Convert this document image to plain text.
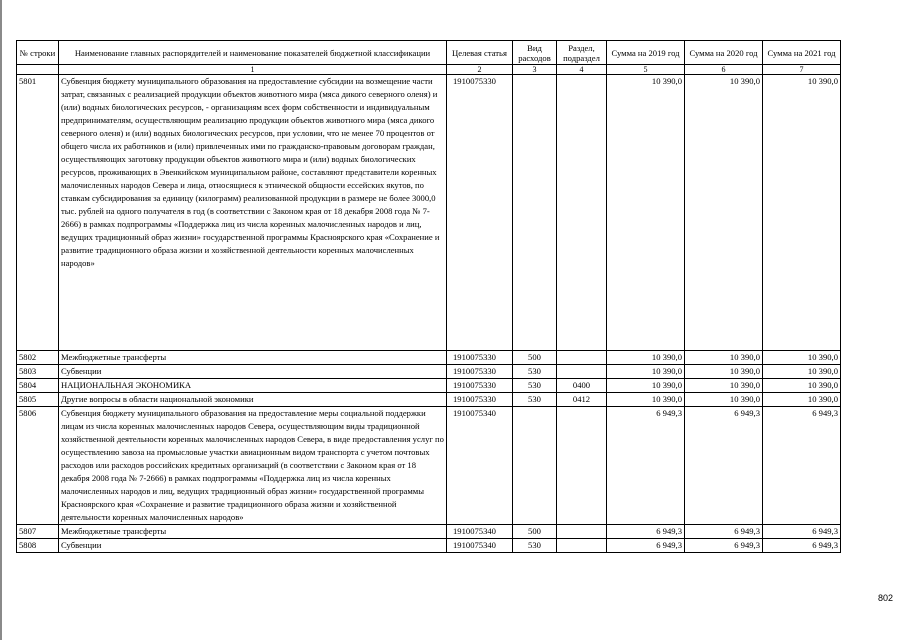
№ строки	Наименование главных распорядителей и наименование показателей бюджетной классификации	Целевая статья	Вид расходов	Раздел, подраздел	Сумма на 2019 год	Сумма на 2020 год	Сумма на 2021 год
	1	2	3	4	5	6	7
5801	Субвенция бюджету муниципального образования на предоставление субсидии на возмещение части затрат, связанных с реализацией продукции объектов животного мира (мяса дикого северного оленя) и (или) водных биологических ресурсов, - организациям всех форм собственности и индивидуальным предпринимателям, осуществляющим реализацию продукции объектов животного мира (мяса дикого северного оленя) и (или) водных биологических ресурсов, при условии, что не менее 70 процентов от общего числа их работников и (или) привлеченных ими по гражданско-правовым договорам граждан, осуществляющих заготовку продукции объектов животного мира и (или) водных биологических ресурсов, проживающих в Эвенкийском муниципальном районе, составляют представители коренных малочисленных народов Севера и лица, относящиеся к этнической общности ессейских якутов, по ставкам субсидирования за единицу (килограмм) реализованной продукции в размере не более 3000,0 тыс. рублей на одного получателя в год (в соответствии с Законом края от 18 декабря 2008 года № 7-2666) в рамках подпрограммы «Поддержка лиц из числа коренных малочисленных народов и лиц, ведущих традиционный образ жизни» государственной программы Красноярского края «Сохранение и развитие традиционного образа жизни и хозяйственной деятельности коренных малочисленных народов»	1910075330			10 390,0	10 390,0	10 390,0
5802	Межбюджетные трансферты	1910075330	500		10 390,0	10 390,0	10 390,0
5803	Субвенции	1910075330	530		10 390,0	10 390,0	10 390,0
5804	НАЦИОНАЛЬНАЯ ЭКОНОМИКА	1910075330	530	0400	10 390,0	10 390,0	10 390,0
5805	Другие вопросы в области национальной экономики	1910075330	530	0412	10 390,0	10 390,0	10 390,0
5806	Субвенция бюджету муниципального образования на предоставление меры социальной поддержки лицам из числа коренных малочисленных народов Севера, осуществляющим виды традиционной хозяйственной деятельности коренных малочисленных народов Севера, в виде предоставления услуг по осуществлению завоза на промысловые участки авиационным видом транспорта с учетом почтовых расходов или расходов российских кредитных организаций (в соответствии с Законом края от 18 декабря 2008 года № 7-2666) в рамках подпрограммы «Поддержка лиц из числа коренных малочисленных народов и лиц, ведущих традиционный образ жизни» государственной программы Красноярского края «Сохранение и развитие традиционного образа жизни и хозяйственной деятельности коренных малочисленных народов»	1910075340			6 949,3	6 949,3	6 949,3
5807	Межбюджетные трансферты	1910075340	500		6 949,3	6 949,3	6 949,3
5808	Субвенции	1910075340	530		6 949,3	6 949,3	6 949,3
802
